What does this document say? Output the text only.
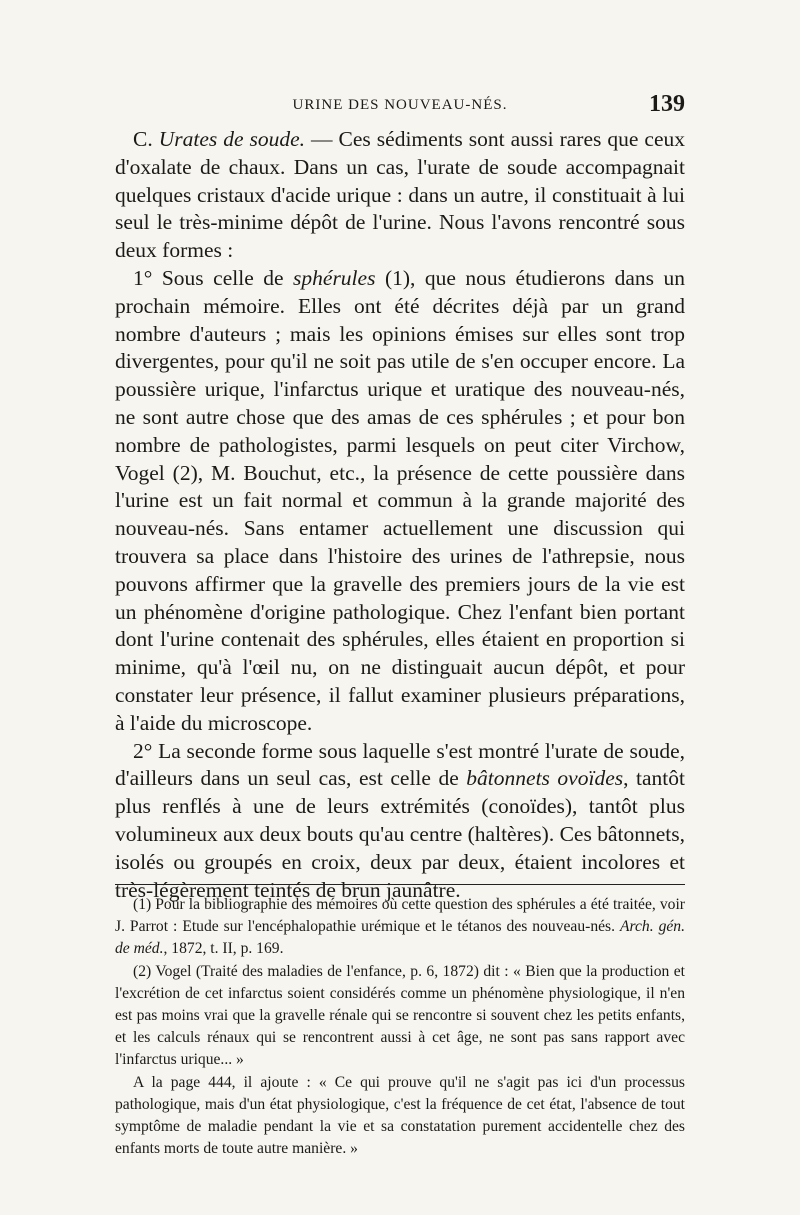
URINE DES NOUVEAU-NÉS.	139

C. Urates de soude. — Ces sédiments sont aussi rares que ceux d'oxalate de chaux. Dans un cas, l'urate de soude accompagnait quelques cristaux d'acide urique : dans un autre, il constituait à lui seul le très-minime dépôt de l'urine. Nous l'avons rencontré sous deux formes :

1° Sous celle de sphérules (1), que nous étudierons dans un prochain mémoire. Elles ont été décrites déjà par un grand nombre d'auteurs ; mais les opinions émises sur elles sont trop divergentes, pour qu'il ne soit pas utile de s'en occuper encore. La poussière urique, l'infarctus urique et uratique des nouveau-nés, ne sont autre chose que des amas de ces sphérules ; et pour bon nombre de pathologistes, parmi lesquels on peut citer Virchow, Vogel (2), M. Bouchut, etc., la présence de cette poussière dans l'urine est un fait normal et commun à la grande majorité des nouveau-nés. Sans entamer actuellement une discussion qui trouvera sa place dans l'histoire des urines de l'athrepsie, nous pouvons affirmer que la gravelle des premiers jours de la vie est un phénomène d'origine pathologique. Chez l'enfant bien portant dont l'urine contenait des sphérules, elles étaient en proportion si minime, qu'à l'œil nu, on ne distinguait aucun dépôt, et pour constater leur présence, il fallut examiner plusieurs préparations, à l'aide du microscope.

2° La seconde forme sous laquelle s'est montré l'urate de soude, d'ailleurs dans un seul cas, est celle de bâtonnets ovoïdes, tantôt plus renflés à une de leurs extrémités (conoïdes), tantôt plus volumineux aux deux bouts qu'au centre (haltères). Ces bâtonnets, isolés ou groupés en croix, deux par deux, étaient incolores et très-légèrement teintés de brun jaunâtre.

(1) Pour la bibliographie des mémoires où cette question des sphérules a été traitée, voir J. Parrot : Etude sur l'encéphalopathie urémique et le tétanos des nouveau-nés. Arch. gén. de méd., 1872, t. II, p. 169.

(2) Vogel (Traité des maladies de l'enfance, p. 6, 1872) dit : « Bien que la production et l'excrétion de cet infarctus soient considérés comme un phénomène physiologique, il n'en est pas moins vrai que la gravelle rénale qui se rencontre si souvent chez les petits enfants, et les calculs rénaux qui se rencontrent aussi à cet âge, ne sont pas sans rapport avec l'infarctus urique... »

A la page 444, il ajoute : « Ce qui prouve qu'il ne s'agit pas ici d'un processus pathologique, mais d'un état physiologique, c'est la fréquence de cet état, l'absence de tout symptôme de maladie pendant la vie et sa constatation purement accidentelle chez des enfants morts de toute autre manière. »
